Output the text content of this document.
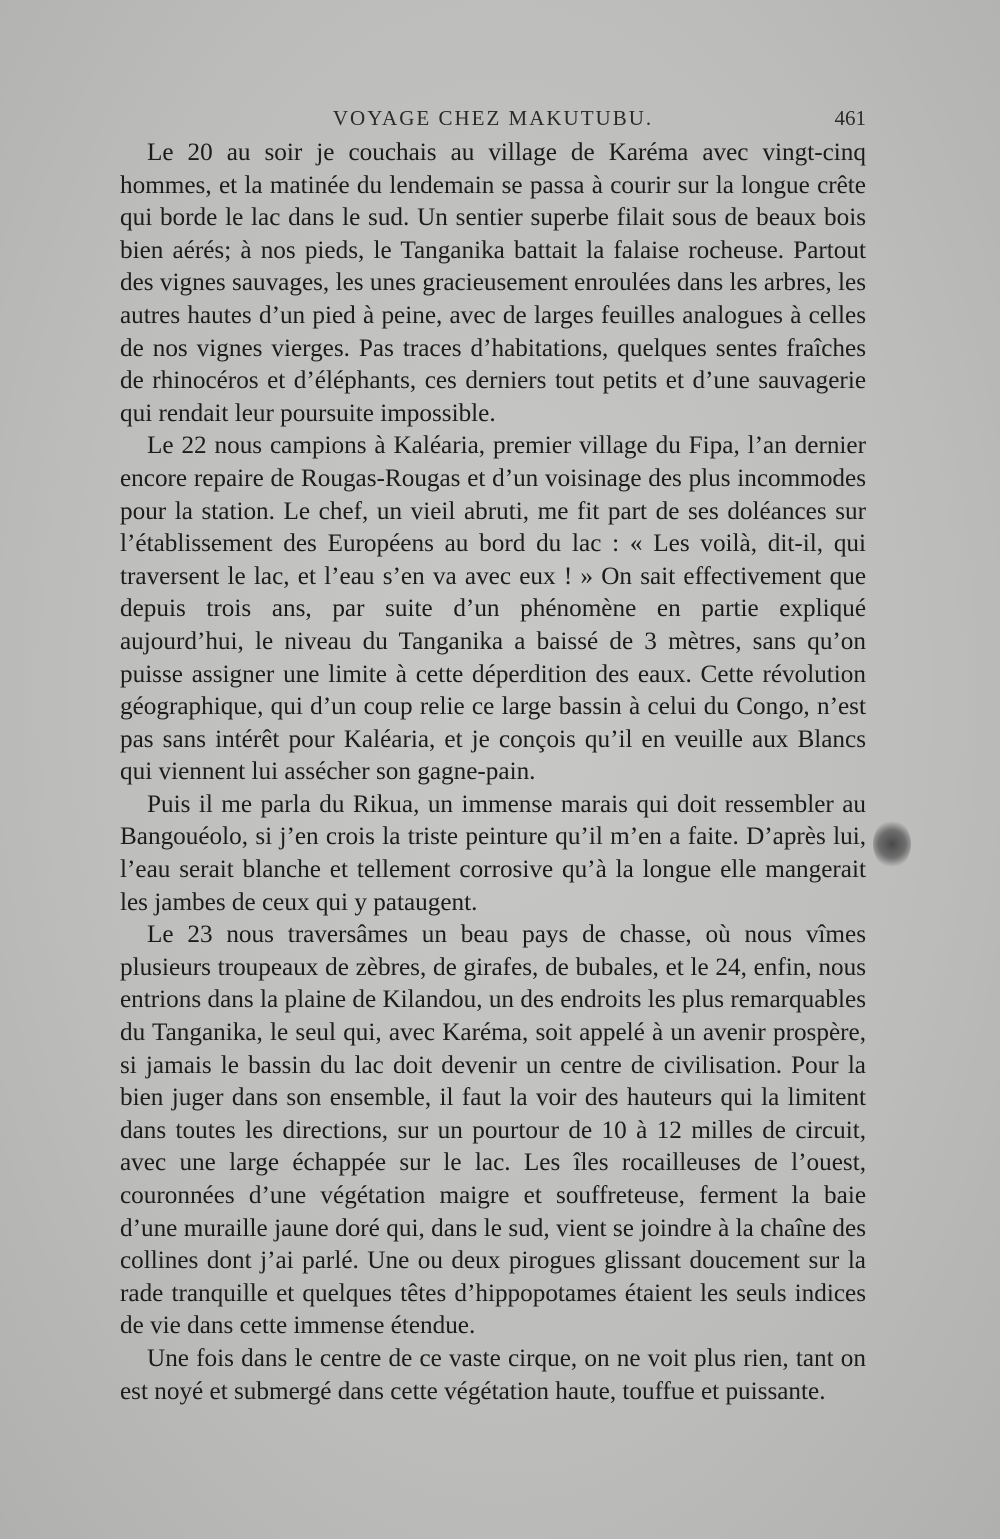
VOYAGE CHEZ MAKUTUBU.	461

Le 20 au soir je couchais au village de Karéma avec vingt-cinq hommes, et la matinée du lendemain se passa à courir sur la longue crête qui borde le lac dans le sud. Un sentier superbe filait sous de beaux bois bien aérés; à nos pieds, le Tanganika battait la falaise rocheuse. Partout des vignes sauvages, les unes gracieusement enroulées dans les arbres, les autres hautes d’un pied à peine, avec de larges feuilles analogues à celles de nos vignes vierges. Pas traces d’habitations, quelques sentes fraîches de rhinocéros et d’éléphants, ces derniers tout petits et d’une sauvagerie qui rendait leur poursuite impossible.

Le 22 nous campions à Kaléaria, premier village du Fipa, l’an dernier encore repaire de Rougas-Rougas et d’un voisinage des plus incommodes pour la station. Le chef, un vieil abruti, me fit part de ses doléances sur l’établissement des Européens au bord du lac : « Les voilà, dit-il, qui traversent le lac, et l’eau s’en va avec eux ! » On sait effectivement que depuis trois ans, par suite d’un phénomène en partie expliqué aujourd’hui, le niveau du Tanganika a baissé de 3 mètres, sans qu’on puisse assigner une limite à cette déperdition des eaux. Cette révolution géographique, qui d’un coup relie ce large bassin à celui du Congo, n’est pas sans intérêt pour Kaléaria, et je conçois qu’il en veuille aux Blancs qui viennent lui assécher son gagne-pain.

Puis il me parla du Rikua, un immense marais qui doit ressembler au Bangouéolo, si j’en crois la triste peinture qu’il m’en a faite. D’après lui, l’eau serait blanche et tellement corrosive qu’à la longue elle mangerait les jambes de ceux qui y pataugent.

Le 23 nous traversâmes un beau pays de chasse, où nous vîmes plusieurs troupeaux de zèbres, de girafes, de bubales, et le 24, enfin, nous entrions dans la plaine de Kilandou, un des endroits les plus remarquables du Tanganika, le seul qui, avec Karéma, soit appelé à un avenir prospère, si jamais le bassin du lac doit devenir un centre de civilisation. Pour la bien juger dans son ensemble, il faut la voir des hauteurs qui la limitent dans toutes les directions, sur un pourtour de 10 à 12 milles de circuit, avec une large échappée sur le lac. Les îles rocailleuses de l’ouest, couronnées d’une végétation maigre et souffreteuse, ferment la baie d’une muraille jaune doré qui, dans le sud, vient se joindre à la chaîne des collines dont j’ai parlé. Une ou deux pirogues glissant doucement sur la rade tranquille et quelques têtes d’hippopotames étaient les seuls indices de vie dans cette immense étendue.

Une fois dans le centre de ce vaste cirque, on ne voit plus rien, tant on est noyé et submergé dans cette végétation haute, touffue et puissante.
